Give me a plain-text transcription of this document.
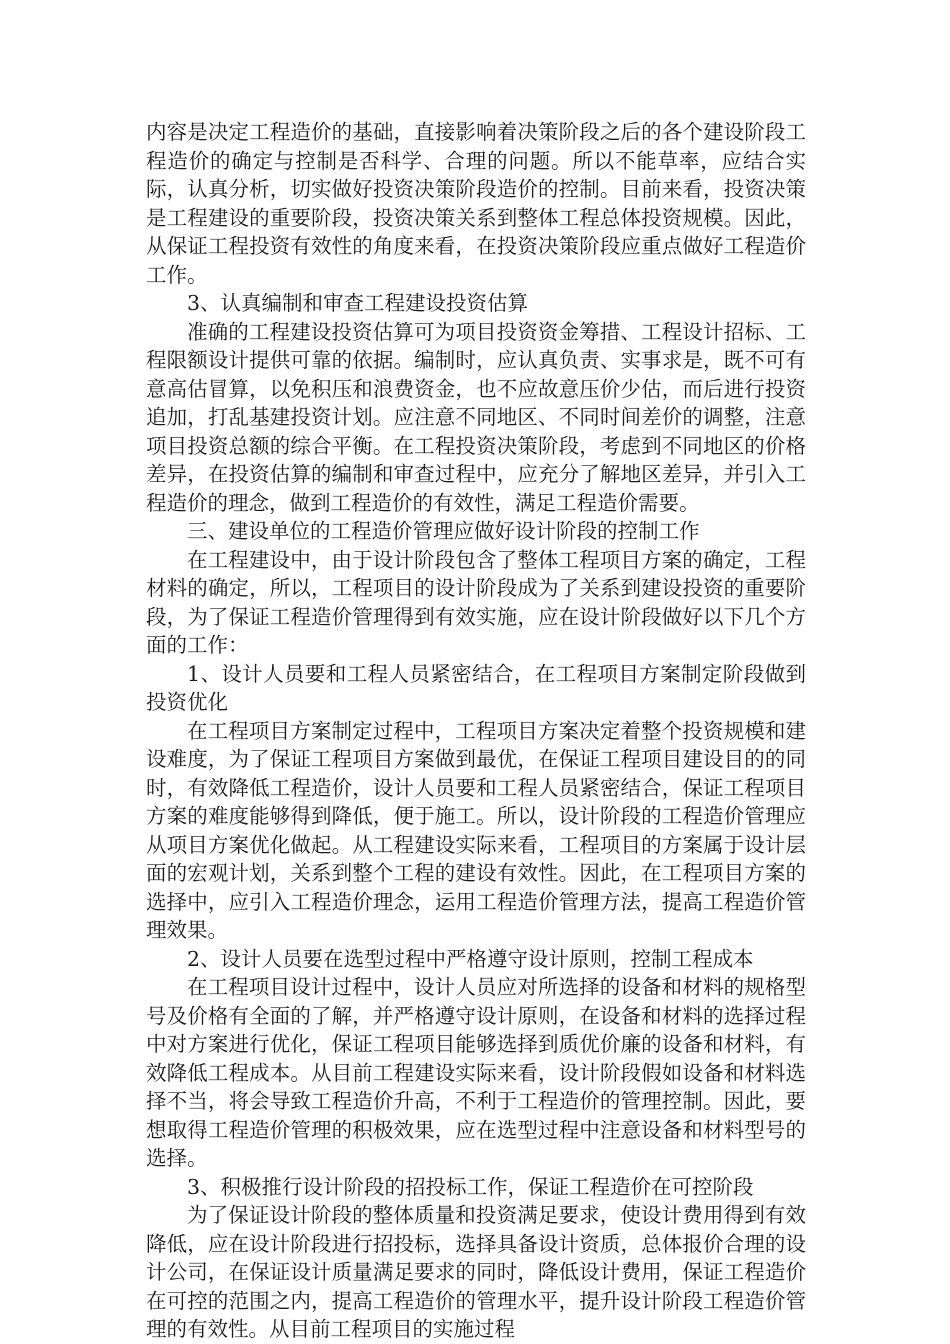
内容是决定工程造价的基础，直接影响着决策阶段之后的各个建设阶段工程造价的确定与控制是否科学、合理的问题。所以不能草率，应结合实际，认真分析，切实做好投资决策阶段造价的控制。目前来看，投资决策是工程建设的重要阶段，投资决策关系到整体工程总体投资规模。因此，从保证工程投资有效性的角度来看，在投资决策阶段应重点做好工程造价工作。

3、认真编制和审查工程建设投资估算

准确的工程建设投资估算可为项目投资资金筹措、工程设计招标、工程限额设计提供可靠的依据。编制时，应认真负责、实事求是，既不可有意高估冒算，以免积压和浪费资金，也不应故意压价少估，而后进行投资追加，打乱基建投资计划。应注意不同地区、不同时间差价的调整，注意项目投资总额的综合平衡。在工程投资决策阶段，考虑到不同地区的价格差异，在投资估算的编制和审查过程中，应充分了解地区差异，并引入工程造价的理念，做到工程造价的有效性，满足工程造价需要。

三、建设单位的工程造价管理应做好设计阶段的控制工作

在工程建设中，由于设计阶段包含了整体工程项目方案的确定，工程材料的确定，所以，工程项目的设计阶段成为了关系到建设投资的重要阶段，为了保证工程造价管理得到有效实施，应在设计阶段做好以下几个方面的工作：

1、设计人员要和工程人员紧密结合，在工程项目方案制定阶段做到投资优化

在工程项目方案制定过程中，工程项目方案决定着整个投资规模和建设难度，为了保证工程项目方案做到最优，在保证工程项目建设目的的同时，有效降低工程造价，设计人员要和工程人员紧密结合，保证工程项目方案的难度能够得到降低，便于施工。所以，设计阶段的工程造价管理应从项目方案优化做起。从工程建设实际来看，工程项目的方案属于设计层面的宏观计划，关系到整个工程的建设有效性。因此，在工程项目方案的选择中，应引入工程造价理念，运用工程造价管理方法，提高工程造价管理效果。

2、设计人员要在选型过程中严格遵守设计原则，控制工程成本

在工程项目设计过程中，设计人员应对所选择的设备和材料的规格型号及价格有全面的了解，并严格遵守设计原则，在设备和材料的选择过程中对方案进行优化，保证工程项目能够选择到质优价廉的设备和材料，有效降低工程成本。从目前工程建设实际来看，设计阶段假如设备和材料选择不当，将会导致工程造价升高，不利于工程造价的管理控制。因此，要想取得工程造价管理的积极效果，应在选型过程中注意设备和材料型号的选择。

3、积极推行设计阶段的招投标工作，保证工程造价在可控阶段

为了保证设计阶段的整体质量和投资满足要求，使设计费用得到有效降低，应在设计阶段进行招投标，选择具备设计资质，总体报价合理的设计公司，在保证设计质量满足要求的同时，降低设计费用，保证工程造价在可控的范围之内，提高工程造价的管理水平，提升设计阶段工程造价管理的有效性。从目前工程项目的实施过程
